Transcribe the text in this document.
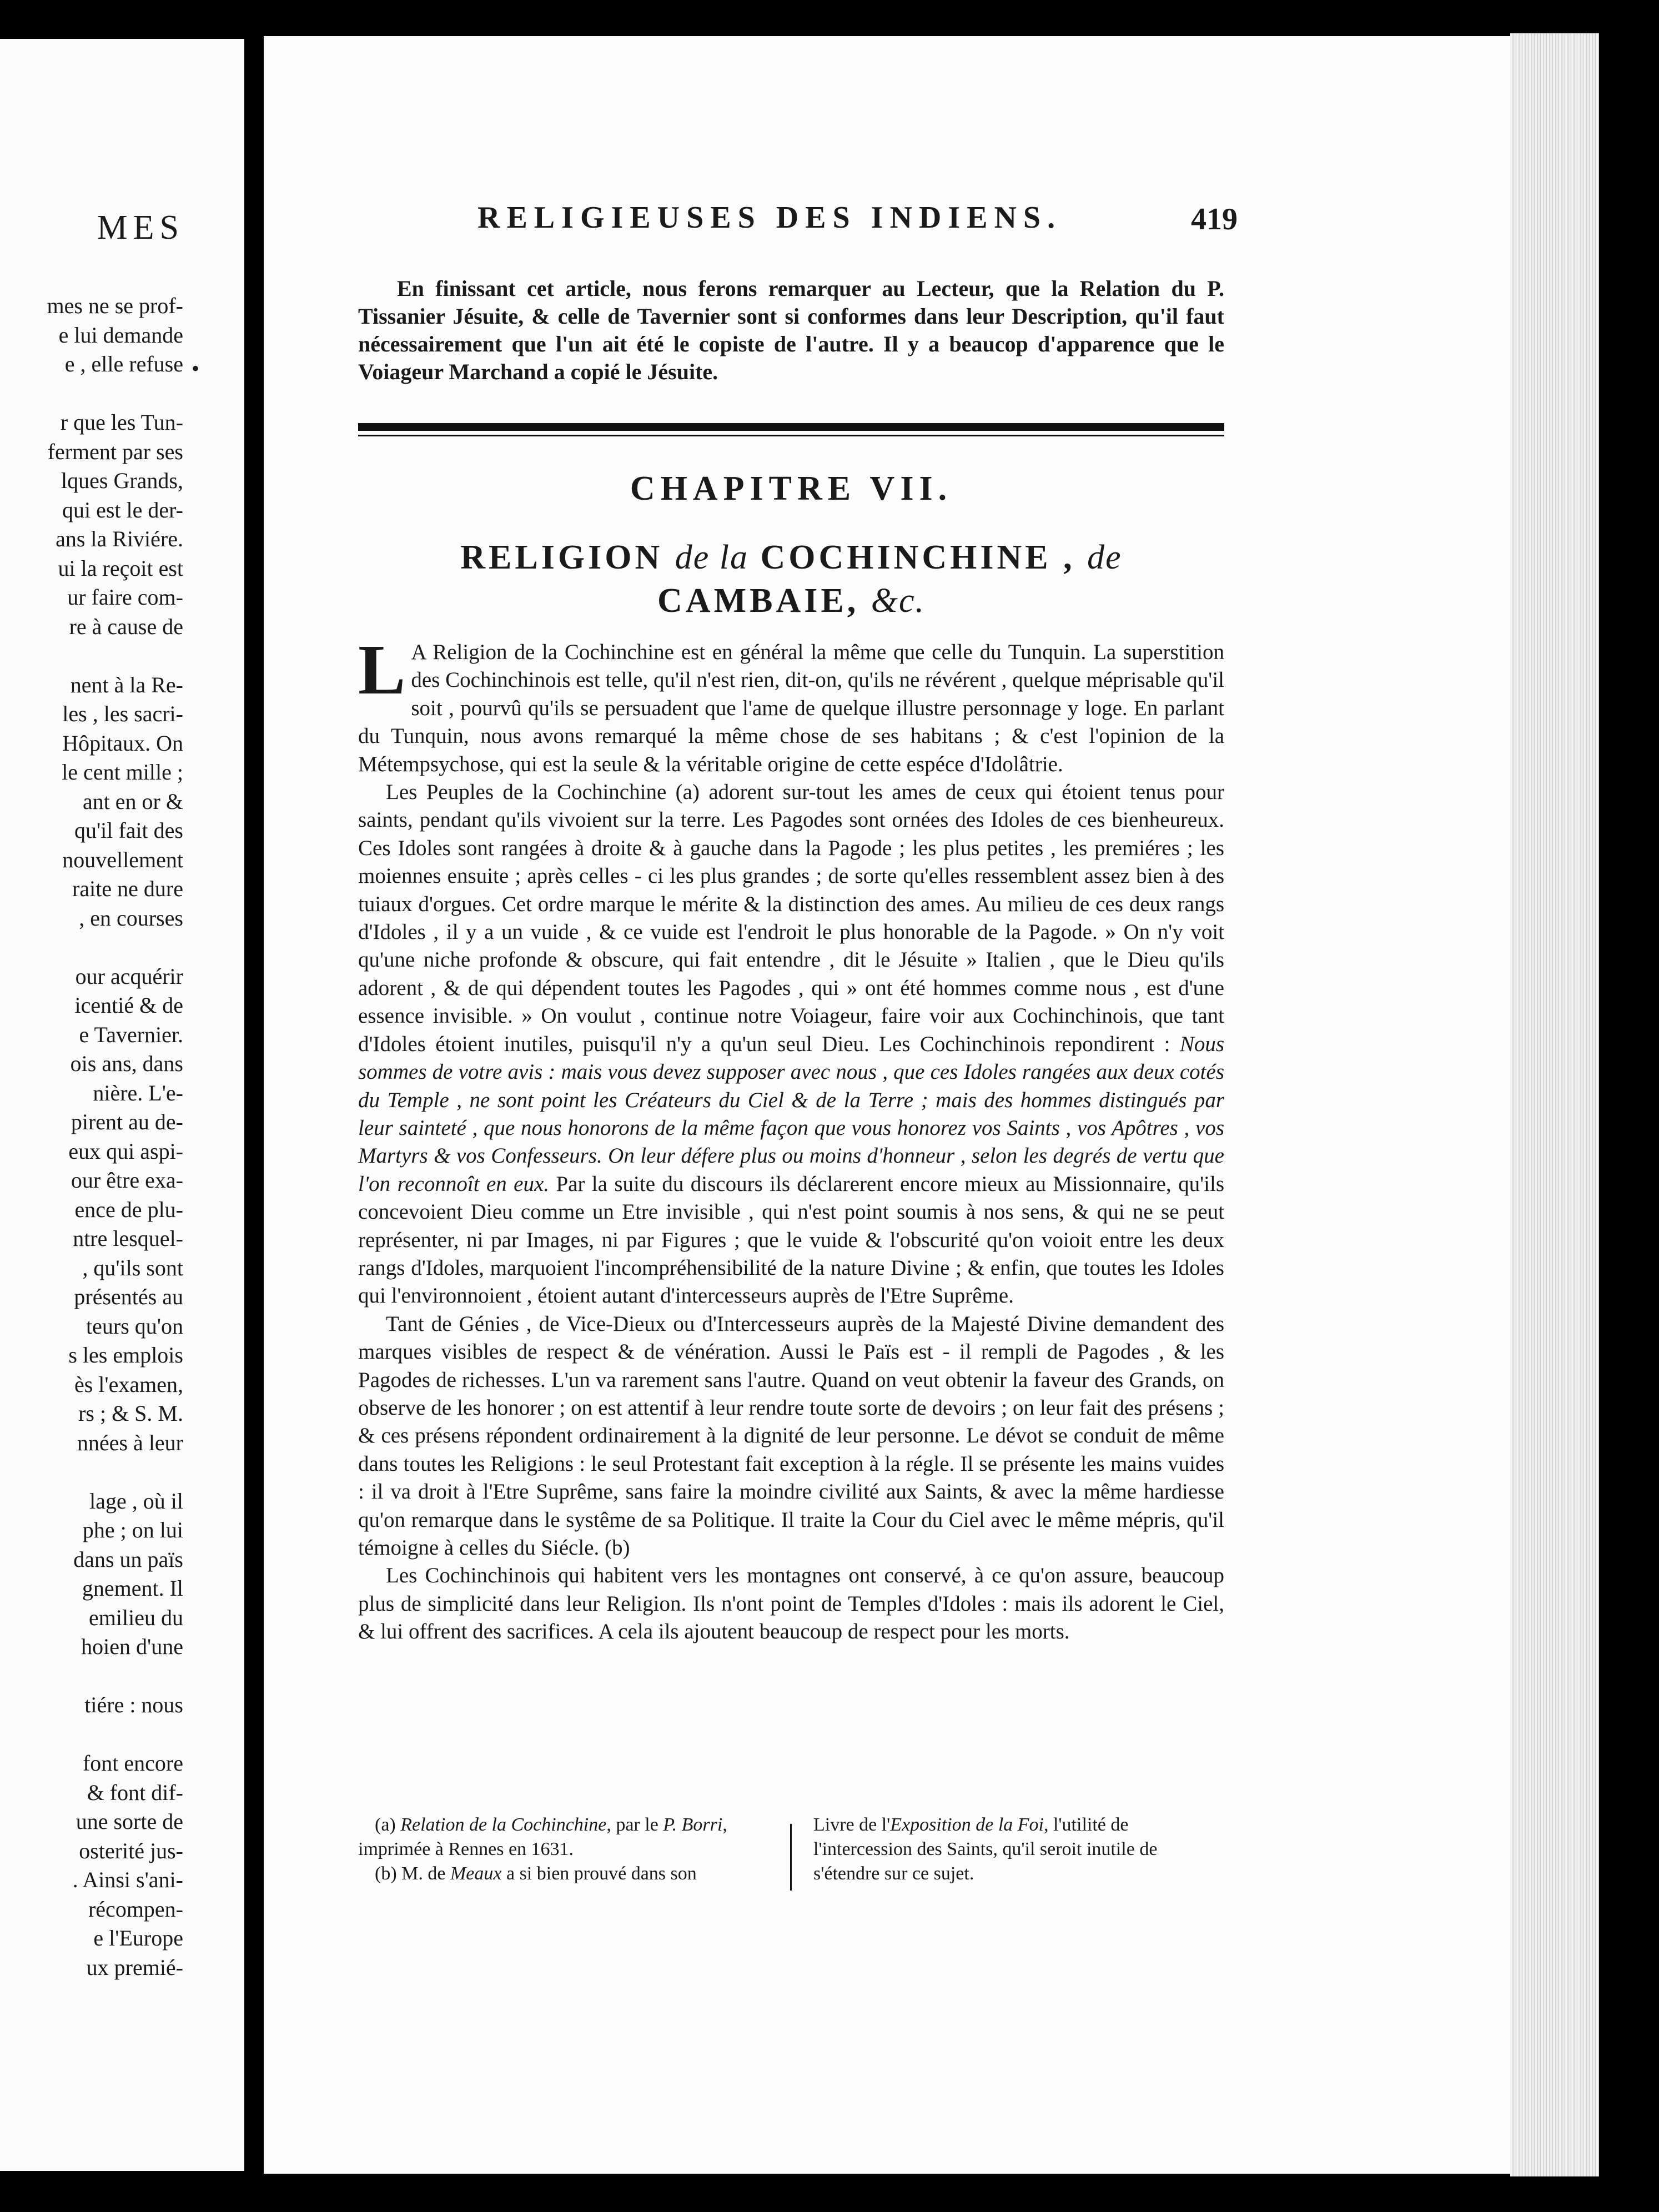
MES
•
mes ne se prof-
e lui demande
e , elle refuse
r que les Tun-
ferment par ses
lques Grands,
qui est le der-
ans la Riviére.
ui la reçoit est
ur faire com-
re à cause de
nent à la Re-
les , les sacri-
Hôpitaux. On
le cent mille ;
ant en or &
qu'il fait des
nouvellement
raite ne dure
, en courses
our acquérir
icentié & de
e Tavernier.
ois ans, dans
nière. L'e-
pirent au de-
eux qui aspi-
our être exa-
ence de plu-
ntre lesquel-
, qu'ils sont
présentés au
teurs qu'on
s les emplois
ès l'examen,
rs ; & S. M.
nnées à leur
lage , où il
phe ; on lui
dans un païs
gnement. Il
emilieu du
hoien d'une
tiére : nous
font encore
& font dif-
une sorte de
osterité jus-
. Ainsi s'ani-
récompen-
e l'Europe
ux premié-
RELIGIEUSES DES INDIENS.	419
En finissant cet article, nous ferons remarquer au Lecteur, que la Relation du P. Tissanier Jésuite, & celle de Tavernier sont si conformes dans leur Description, qu'il faut nécessairement que l'un ait été le copiste de l'autre. Il y a beaucop d'apparence que le Voiageur Marchand a copié le Jésuite.
CHAPITRE VII.
RELIGION de la COCHINCHINE , de
CAMBAIE, &c.

L A Religion de la Cochinchine est en général la même que celle du Tunquin. La superstition des Cochinchinois est telle, qu'il n'est rien, dit-on, qu'ils ne révérent , quelque méprisable qu'il soit , pourvû qu'ils se persuadent que l'ame de quelque illustre personnage y loge. En parlant du Tunquin, nous avons remarqué la même chose de ses habitans ; & c'est l'opinion de la Métempsychose, qui est la seule & la véritable origine de cette espéce d'Idolâtrie.

Les Peuples de la Cochinchine (a) adorent sur-tout les ames de ceux qui étoient tenus pour saints, pendant qu'ils vivoient sur la terre. Les Pagodes sont ornées des Idoles de ces bienheureux. Ces Idoles sont rangées à droite & à gauche dans la Pagode ; les plus petites , les premiéres ; les moiennes ensuite ; après celles - ci les plus grandes ; de sorte qu'elles ressemblent assez bien à des tuiaux d'orgues. Cet ordre marque le mérite & la distinction des ames. Au milieu de ces deux rangs d'Idoles , il y a un vuide , & ce vuide est l'endroit le plus honorable de la Pagode. » On n'y voit qu'une niche profonde & obscure, qui fait entendre , dit le Jésuite » Italien , que le Dieu qu'ils adorent , & de qui dépendent toutes les Pagodes , qui » ont été hommes comme nous , est d'une essence invisible. » On voulut , continue notre Voiageur, faire voir aux Cochinchinois, que tant d'Idoles étoient inutiles, puisqu'il n'y a qu'un seul Dieu. Les Cochinchinois repondirent : Nous sommes de votre avis : mais vous devez supposer avec nous , que ces Idoles rangées aux deux cotés du Temple , ne sont point les Créateurs du Ciel & de la Terre ; mais des hommes distingués par leur sainteté , que nous honorons de la même façon que vous honorez vos Saints , vos Apôtres , vos Martyrs & vos Confesseurs. On leur défere plus ou moins d'honneur , selon les degrés de vertu que l'on reconnoît en eux. Par la suite du discours ils déclarerent encore mieux au Missionnaire, qu'ils concevoient Dieu comme un Etre invisible , qui n'est point soumis à nos sens, & qui ne se peut représenter, ni par Images, ni par Figures ; que le vuide & l'obscurité qu'on voioit entre les deux rangs d'Idoles, marquoient l'incompréhensibilité de la nature Divine ; & enfin, que toutes les Idoles qui l'environnoient , étoient autant d'intercesseurs auprès de l'Etre Suprême.

Tant de Génies , de Vice-Dieux ou d'Intercesseurs auprès de la Majesté Divine demandent des marques visibles de respect & de vénération. Aussi le Païs est - il rempli de Pagodes , & les Pagodes de richesses. L'un va rarement sans l'autre. Quand on veut obtenir la faveur des Grands, on observe de les honorer ; on est attentif à leur rendre toute sorte de devoirs ; on leur fait des présens ; & ces présens répondent ordinairement à la dignité de leur personne. Le dévot se conduit de même dans toutes les Religions : le seul Protestant fait exception à la régle. Il se présente les mains vuides : il va droit à l'Etre Suprême, sans faire la moindre civilité aux Saints, & avec la même hardiesse qu'on remarque dans le systême de sa Politique. Il traite la Cour du Ciel avec le même mépris, qu'il témoigne à celles du Siécle. (b)

Les Cochinchinois qui habitent vers les montagnes ont conservé, à ce qu'on assure, beaucoup plus de simplicité dans leur Religion. Ils n'ont point de Temples d'Idoles : mais ils adorent le Ciel, & lui offrent des sacrifices. A cela ils ajoutent beaucoup de respect pour les morts.

(a) Relation de la Cochinchine, par le P. Borri, imprimée à Rennes en 1631.

(b) M. de Meaux a si bien prouvé dans son

Livre de l'Exposition de la Foi, l'utilité de l'intercession des Saints, qu'il seroit inutile de s'étendre sur ce sujet.
